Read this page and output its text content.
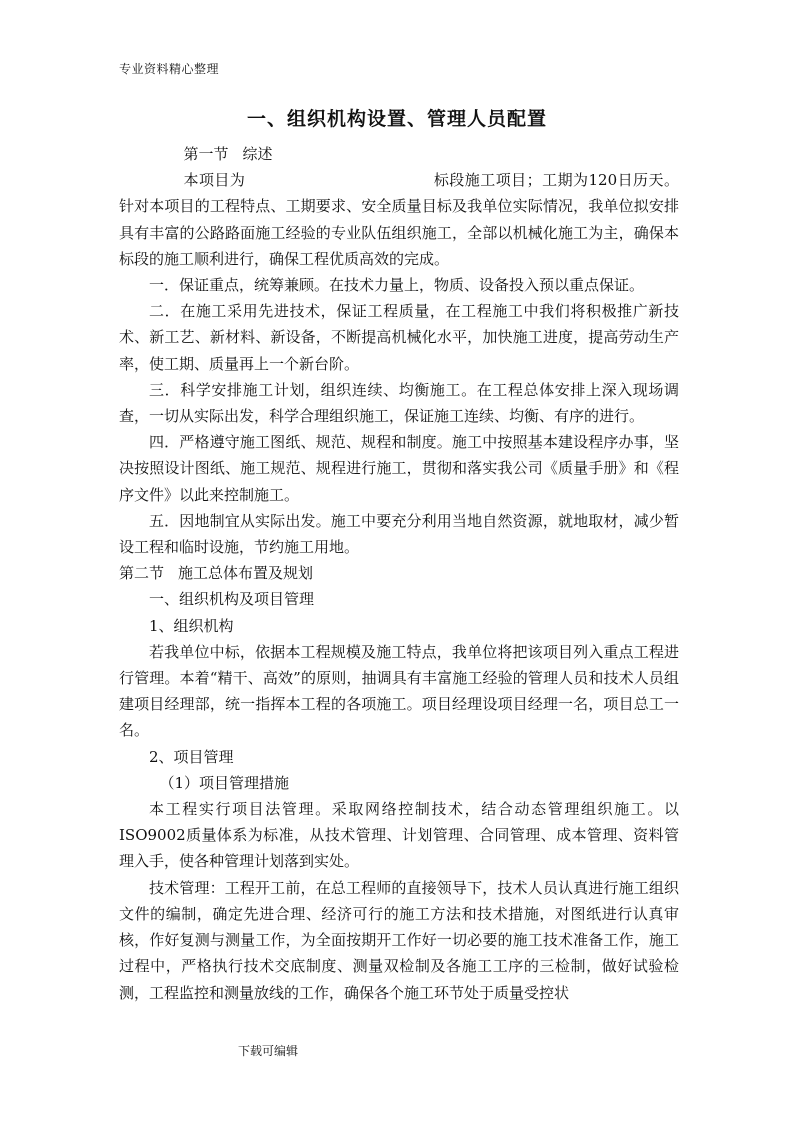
专业资料精心整理
一、组织机构设置、管理人员配置

第一节 综述

本项目为	标段施工项目；工期为120日历天。针对本项目的工程特点、工期要求、安全质量目标及我单位实际情况，我单位拟安排具有丰富的公路路面施工经验的专业队伍组织施工，全部以机械化施工为主，确保本标段的施工顺利进行，确保工程优质高效的完成。

一．保证重点，统筹兼顾。在技术力量上，物质、设备投入预以重点保证。

二．在施工采用先进技术，保证工程质量，在工程施工中我们将积极推广新技术、新工艺、新材料、新设备，不断提高机械化水平，加快施工进度，提高劳动生产率，使工期、质量再上一个新台阶。

三．科学安排施工计划，组织连续、均衡施工。在工程总体安排上深入现场调查，一切从实际出发，科学合理组织施工，保证施工连续、均衡、有序的进行。

四．严格遵守施工图纸、规范、规程和制度。施工中按照基本建设程序办事，坚决按照设计图纸、施工规范、规程进行施工，贯彻和落实我公司《质量手册》和《程序文件》以此来控制施工。

五．因地制宜从实际出发。施工中要充分利用当地自然资源，就地取材，减少暂设工程和临时设施，节约施工用地。

第二节 施工总体布置及规划

一、组织机构及项目管理

1、组织机构

若我单位中标，依据本工程规模及施工特点，我单位将把该项目列入重点工程进行管理。本着“精干、高效”的原则，抽调具有丰富施工经验的管理人员和技术人员组建项目经理部，统一指挥本工程的各项施工。项目经理设项目经理一名，项目总工一名。

2、项目管理

（1）项目管理措施

本工程实行项目法管理。采取网络控制技术，结合动态管理组织施工。以ISO9002质量体系为标准，从技术管理、计划管理、合同管理、成本管理、资料管理入手，使各种管理计划落到实处。

技术管理：工程开工前，在总工程师的直接领导下，技术人员认真进行施工组织文件的编制，确定先进合理、经济可行的施工方法和技术措施，对图纸进行认真审核，作好复测与测量工作，为全面按期开工作好一切必要的施工技术准备工作，施工过程中，严格执行技术交底制度、测量双检制及各施工工序的三检制，做好试验检测，工程监控和测量放线的工作，确保各个施工环节处于质量受控状

下载可编辑
